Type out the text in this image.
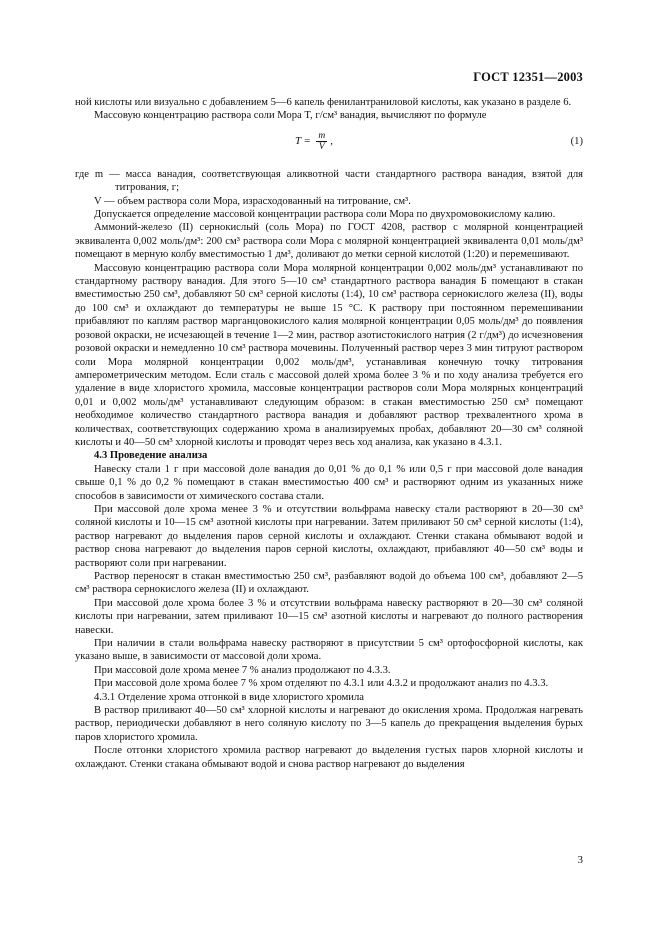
ГОСТ 12351—2003

ной кислоты или визуально с добавлением 5—6 капель фенилантраниловой кислоты, как указано в разделе 6.

Массовую концентрацию раствора соли Мора T, г/см³ ванадия, вычисляют по формуле

$T = \frac{m}{V}$ ,	(1)

где m — масса ванадия, соответствующая аликвотной части стандартного раствора ванадия, взятой для титрования, г;

V — объем раствора соли Мора, израсходованный на титрование, см³.

Допускается определение массовой концентрации раствора соли Мора по двухромовокислому калию.

Аммоний-железо (II) сернокислый (соль Мора) по ГОСТ 4208, раствор с молярной концентрацией эквивалента 0,002 моль/дм³: 200 см³ раствора соли Мора с молярной концентрацией эквивалента 0,01 моль/дм³ помещают в мерную колбу вместимостью 1 дм³, доливают до метки серной кислотой (1:20) и перемешивают.

Массовую концентрацию раствора соли Мора молярной концентрации 0,002 моль/дм³ устанавливают по стандартному раствору ванадия. Для этого 5—10 см³ стандартного раствора ванадия Б помещают в стакан вместимостью 250 см³, добавляют 50 см³ серной кислоты (1:4), 10 см³ раствора сернокислого железа (II), воды до 100 см³ и охлаждают до температуры не выше 15 °С. К раствору при постоянном перемешивании прибавляют по каплям раствор марганцовокислого калия молярной концентрации 0,05 моль/дм³ до появления розовой окраски, не исчезающей в течение 1—2 мин, раствор азотистокислого натрия (2 г/дм³) до исчезновения розовой окраски и немедленно 10 см³ раствора мочевины. Полученный раствор через 3 мин титруют раствором соли Мора молярной концентрации 0,002 моль/дм³, устанавливая конечную точку титрования амперометрическим методом. Если сталь с массовой долей хрома более 3 % и по ходу анализа требуется его удаление в виде хлористого хромила, массовые концентрации растворов соли Мора молярных концентраций 0,01 и 0,002 моль/дм³ устанавливают следующим образом: в стакан вместимостью 250 см³ помещают необходимое количество стандартного раствора ванадия и добавляют раствор трехвалентного хрома в количествах, соответствующих содержанию хрома в анализируемых пробах, добавляют 20—30 см³ соляной кислоты и 40—50 см³ хлорной кислоты и проводят через весь ход анализа, как указано в 4.3.1.

4.3 Проведение анализа

Навеску стали 1 г при массовой доле ванадия до 0,01 % до 0,1 % или 0,5 г при массовой доле ванадия свыше 0,1 % до 0,2 % помещают в стакан вместимостью 400 см³ и растворяют одним из указанных ниже способов в зависимости от химического состава стали.

При массовой доле хрома менее 3 % и отсутствии вольфрама навеску стали растворяют в 20—30 см³ соляной кислоты и 10—15 см³ азотной кислоты при нагревании. Затем приливают 50 см³ серной кислоты (1:4), раствор нагревают до выделения паров серной кислоты и охлаждают. Стенки стакана обмывают водой и раствор снова нагревают до выделения паров серной кислоты, охлаждают, прибавляют 40—50 см³ воды и растворяют соли при нагревании.

Раствор переносят в стакан вместимостью 250 см³, разбавляют водой до объема 100 см³, добавляют 2—5 см³ раствора сернокислого железа (II) и охлаждают.

При массовой доле хрома более 3 % и отсутствии вольфрама навеску растворяют в 20—30 см³ соляной кислоты при нагревании, затем приливают 10—15 см³ азотной кислоты и нагревают до полного растворения навески.

При наличии в стали вольфрама навеску растворяют в присутствии 5 см³ ортофосфорной кислоты, как указано выше, в зависимости от массовой доли хрома.

При массовой доле хрома менее 7 % анализ продолжают по 4.3.3.

При массовой доле хрома более 7 % хром отделяют по 4.3.1 или 4.3.2 и продолжают анализ по 4.3.3.

4.3.1 Отделение хрома отгонкой в виде хлористого хромила

В раствор приливают 40—50 см³ хлорной кислоты и нагревают до окисления хрома. Продолжая нагревать раствор, периодически добавляют в него соляную кислоту по 3—5 капель до прекращения выделения бурых паров хлористого хромила.

После отгонки хлористого хромила раствор нагревают до выделения густых паров хлорной кислоты и охлаждают. Стенки стакана обмывают водой и снова раствор нагревают до выделения

3
